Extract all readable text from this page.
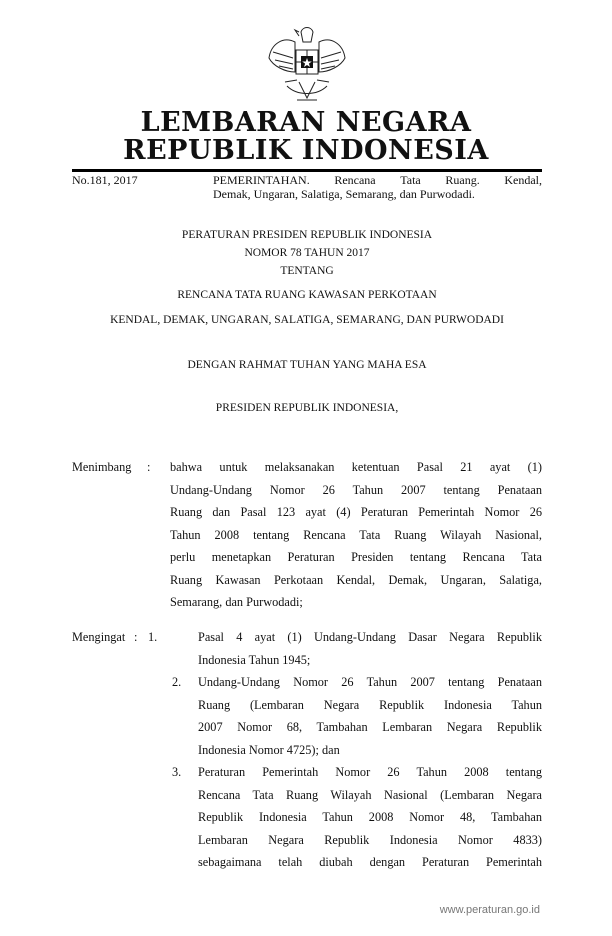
LEMBARAN NEGARA
REPUBLIK INDONESIA
No.181, 2017	PEMERINTAHAN. Rencana Tata Ruang. Kendal,
Demak, Ungaran, Salatiga, Semarang, dan Purwodadi.
PERATURAN PRESIDEN REPUBLIK INDONESIA
NOMOR 78 TAHUN 2017
TENTANG
RENCANA TATA RUANG KAWASAN PERKOTAAN
KENDAL, DEMAK, UNGARAN, SALATIGA, SEMARANG, DAN PURWODADI
DENGAN RAHMAT TUHAN YANG MAHA ESA
PRESIDEN REPUBLIK INDONESIA,
Menimbang : bahwa untuk melaksanakan ketentuan Pasal 21 ayat (1)
Undang-Undang Nomor 26 Tahun 2007 tentang Penataan
Ruang dan Pasal 123 ayat (4) Peraturan Pemerintah Nomor 26
Tahun 2008 tentang Rencana Tata Ruang Wilayah Nasional,
perlu menetapkan Peraturan Presiden tentang Rencana Tata
Ruang Kawasan Perkotaan Kendal, Demak, Ungaran, Salatiga,
Semarang, dan Purwodadi;
Mengingat : 1.	Pasal 4 ayat (1) Undang-Undang Dasar Negara Republik
Indonesia Tahun 1945;
2. Undang-Undang Nomor 26 Tahun 2007 tentang Penataan
Ruang (Lembaran Negara Republik Indonesia Tahun
2007 Nomor 68, Tambahan Lembaran Negara Republik
Indonesia Nomor 4725); dan
3. Peraturan Pemerintah Nomor 26 Tahun 2008 tentang
Rencana Tata Ruang Wilayah Nasional (Lembaran Negara
Republik Indonesia Tahun 2008 Nomor 48, Tambahan
Lembaran Negara Republik Indonesia Nomor 4833)
sebagaimana telah diubah dengan Peraturan Pemerintah
www.peraturan.go.id
